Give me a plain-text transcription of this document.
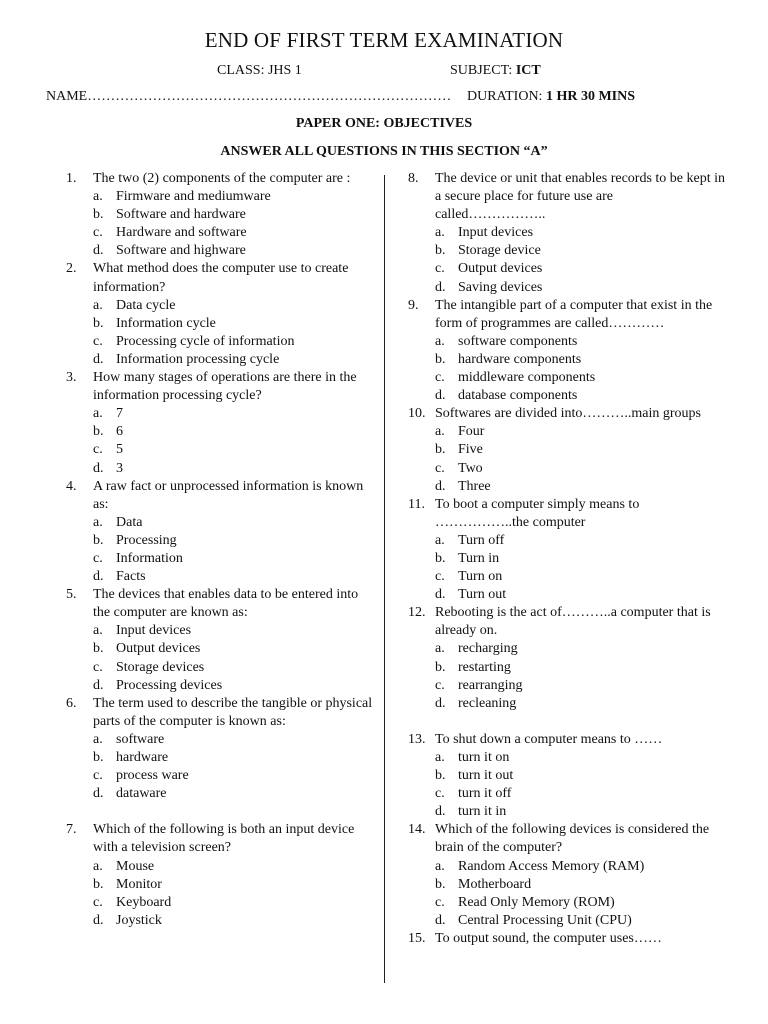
END OF FIRST TERM EXAMINATION
CLASS: JHS 1	SUBJECT: ICT
NAME…………………………………………………………………… DURATION: 1 HR 30 MINS
PAPER ONE: OBJECTIVES
ANSWER ALL QUESTIONS IN THIS SECTION “A”
1.	The two (2) components of the computer are :
a. Firmware and mediumware
b. Software and hardware
c. Hardware and software
d. Software and highware
2.	What method does the computer use to create information?
a. Data cycle
b. Information cycle
c. Processing cycle of information
d. Information processing cycle
3.	How many stages of operations are there in the information processing cycle?
a. 7
b. 6
c. 5
d. 3
4.	A raw fact or unprocessed information is known as:
a. Data
b. Processing
c. Information
d. Facts
5.	The devices that enables data to be entered into the computer are known as:
a. Input devices
b. Output devices
c. Storage devices
d. Processing devices
6.	The term used to describe the tangible or physical parts of the computer is known as:
a. software
b. hardware
c. process ware
d. dataware
7.	Which of the following is both an input device with a television screen?
a. Mouse
b. Monitor
c. Keyboard
d. Joystick
8.	The device or unit that enables records to be kept in a secure place for future use are called……………..
a. Input devices
b. Storage device
c. Output devices
d. Saving devices
9.	The intangible part of a computer that exist in the form of programmes are called…………
a. software components
b. hardware components
c. middleware components
d. database components
10. Softwares are divided into………..main groups
a. Four
b. Five
c. Two
d. Three
11. To boot a computer simply means to ……………..the computer
a. Turn off
b. Turn in
c. Turn on
d. Turn out
12. Rebooting is the act of………..a computer that is already on.
a. recharging
b. restarting
c. rearranging
d. recleaning
13. To shut down a computer means to ……
a. turn it on
b. turn it out
c. turn it off
d. turn it in
14. Which of the following devices is considered the brain of the computer?
a. Random Access Memory (RAM)
b. Motherboard
c. Read Only Memory (ROM)
d. Central Processing Unit (CPU)
15. To output sound, the computer uses……
